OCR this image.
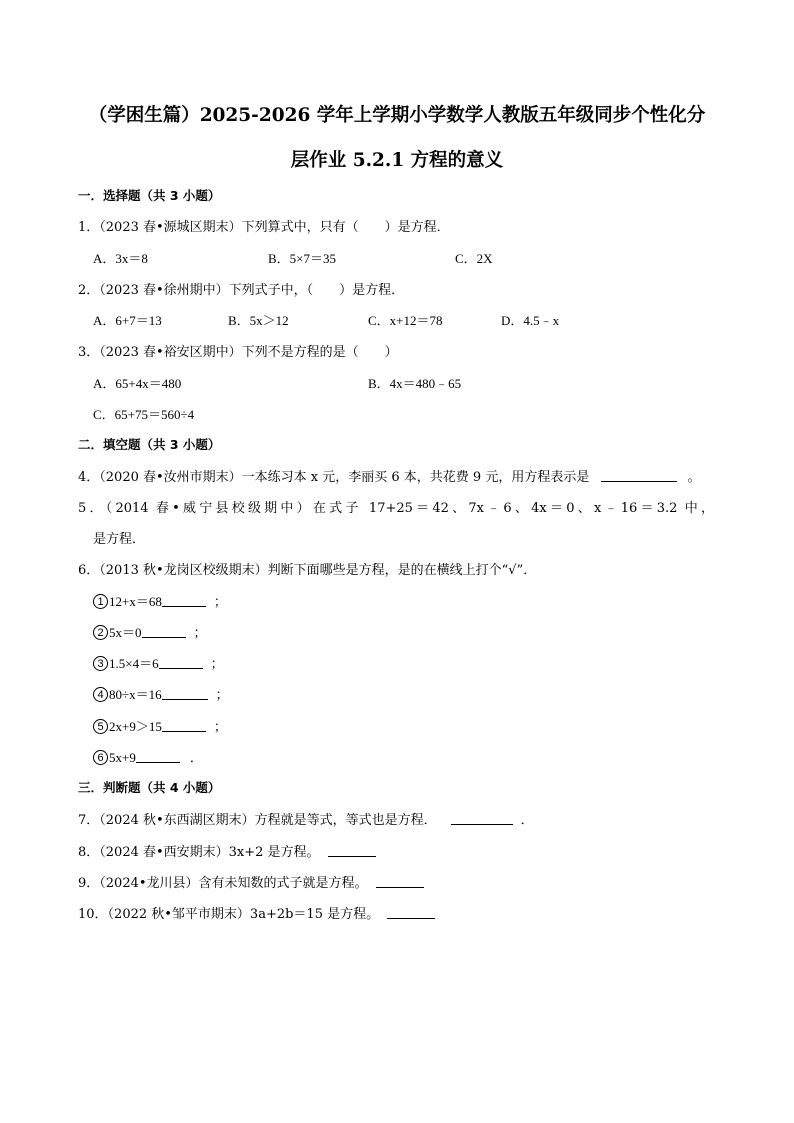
（学困生篇）2025-2026 学年上学期小学数学人教版五年级同步个性化分
层作业 5.2.1 方程的意义
一．选择题（共 3 小题）
1．（2023 春•源城区期末）下列算式中，只有（　　）是方程．
A．3x＝8	B．5×7＝35	C．2X
2．（2023 春•徐州期中）下列式子中，（　　）是方程．
A．6+7＝13	B．5x＞12	C．x+12＝78	D．4.5﹣x
3．（2023 春•裕安区期中）下列不是方程的是（　　）
A．65+4x＝480	B．4x＝480﹣65
C．65+75＝560÷4
二．填空题（共 3 小题）
4．（2020 春•汝州市期末）一本练习本 x 元，李丽买 6 本，共花费 9 元，用方程表示是	。
5．（2014 春•威宁县校级期中）在式子 17+25＝42、7x﹣6、4x＝0、x﹣16＝3.2 中，
是方程．
6．（2013 秋•龙岗区校级期末）判断下面哪些是方程，是的在横线上打个“√”．
1 12+x＝68	；
2 5x＝0	；
3 1.5×4＝6	；
4 80÷x＝16	；
5 2x+9＞15	；
6 5x+9	．
三．判断题（共 4 小题）
7．（2024 秋•东西湖区期末）方程就是等式，等式也是方程．	．
8．（2024 春•西安期末）3x+2 是方程。
9．（2024•龙川县）含有未知数的式子就是方程。
10．（2022 秋•邹平市期末）3a+2b＝15 是方程。
